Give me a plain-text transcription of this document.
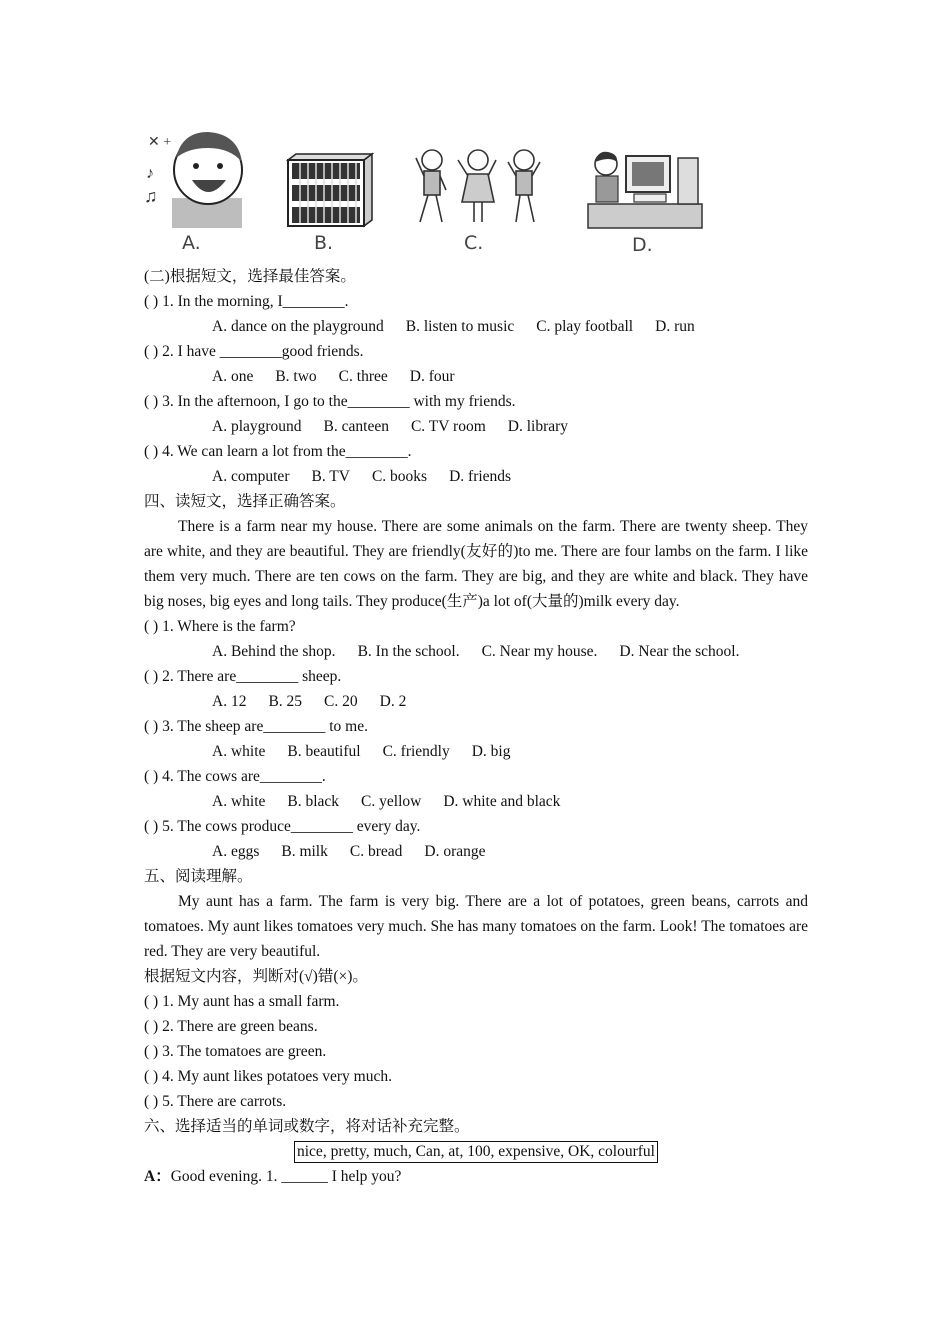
✕ +
♪
♫
A.	B.	C.	D.
(二)根据短文，选择最佳答案。
( ) 1. In the morning, I________.
A. dance on the playground B. listen to music C. play football D. run
( ) 2. I have ________good friends.
A. one B. two C. three D. four
( ) 3. In the afternoon, I go to the________ with my friends.
A. playground B. canteen C. TV room D. library
( ) 4. We can learn a lot from the________.
A. computer B. TV C. books D. friends
四、读短文，选择正确答案。

There is a farm near my house. There are some animals on the farm. There are twenty sheep. They are white, and they are beautiful. They are friendly(友好的)to me. There are four lambs on the farm. I like them very much. There are ten cows on the farm. They are big, and they are white and black. They have big noses, big eyes and long tails. They produce(生产)a lot of(大量的)milk every day.

( ) 1. Where is the farm?
A. Behind the shop. B. In the school. C. Near my house. D. Near the school.
( ) 2. There are________ sheep.
A. 12 B. 25 C. 20 D. 2
( ) 3. The sheep are________ to me.
A. white B. beautiful C. friendly D. big
( ) 4. The cows are________.
A. white B. black C. yellow D. white and black
( ) 5. The cows produce________ every day.
A. eggs B. milk C. bread D. orange
五、阅读理解。

My aunt has a farm. The farm is very big. There are a lot of potatoes, green beans, carrots and tomatoes. My aunt likes tomatoes very much. She has many tomatoes on the farm. Look! The tomatoes are red. They are very beautiful.

根据短文内容，判断对(√)错(×)。
( ) 1. My aunt has a small farm.
( ) 2. There are green beans.
( ) 3. The tomatoes are green.
( ) 4. My aunt likes potatoes very much.
( ) 5. There are carrots.
六、选择适当的单词或数字，将对话补充完整。
nice, pretty, much, Can, at, 100, expensive, OK, colourful
A：Good evening. 1. ______ I help you?
